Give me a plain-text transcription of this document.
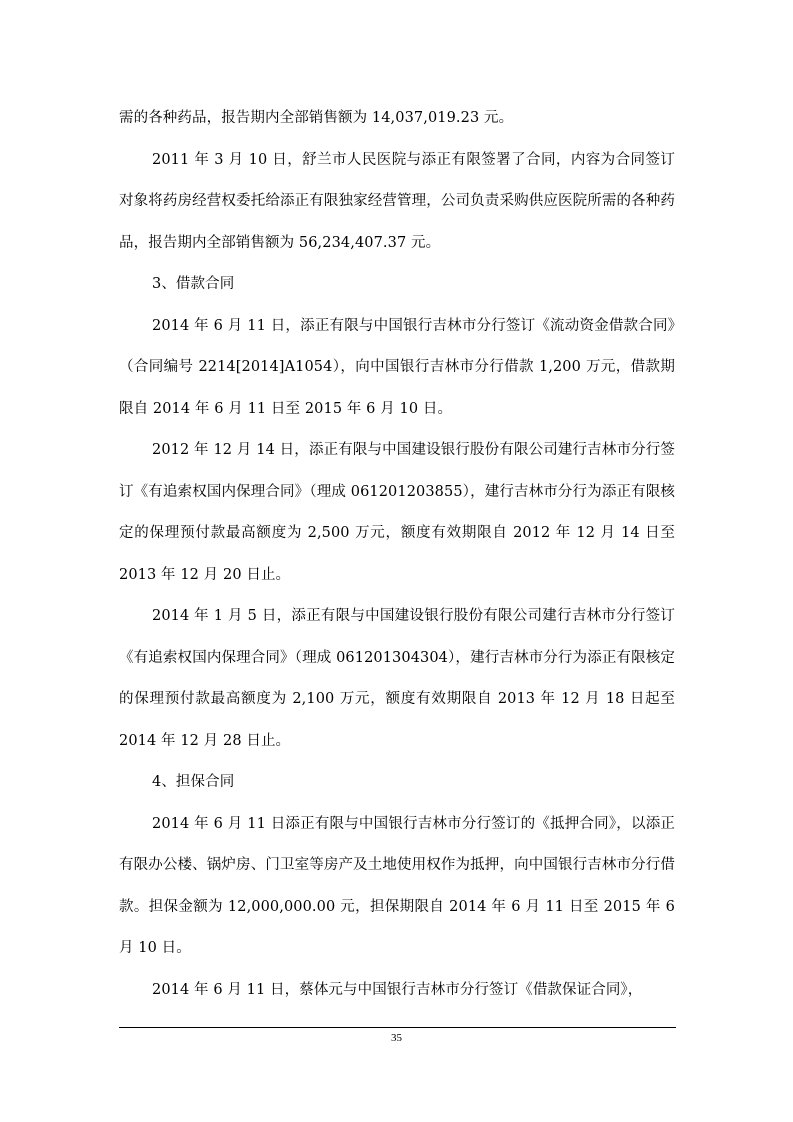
需的各种药品，报告期内全部销售额为 14,037,019.23 元。

2011 年 3 月 10 日，舒兰市人民医院与添正有限签署了合同，内容为合同签订对象将药房经营权委托给添正有限独家经营管理，公司负责采购供应医院所需的各种药品，报告期内全部销售额为 56,234,407.37 元。

3、借款合同

2014 年 6 月 11 日，添正有限与中国银行吉林市分行签订《流动资金借款合同》（合同编号 2214[2014]A1054），向中国银行吉林市分行借款 1,200 万元，借款期限自 2014 年 6 月 11 日至 2015 年 6 月 10 日。

2012 年 12 月 14 日，添正有限与中国建设银行股份有限公司建行吉林市分行签订《有追索权国内保理合同》（理成 061201203855），建行吉林市分行为添正有限核定的保理预付款最高额度为 2,500 万元，额度有效期限自 2012 年 12 月 14 日至 2013 年 12 月 20 日止。

2014 年 1 月 5 日，添正有限与中国建设银行股份有限公司建行吉林市分行签订《有追索权国内保理合同》（理成 061201304304），建行吉林市分行为添正有限核定的保理预付款最高额度为 2,100 万元，额度有效期限自 2013 年 12 月 18 日起至 2014 年 12 月 28 日止。

4、担保合同

2014 年 6 月 11 日添正有限与中国银行吉林市分行签订的《抵押合同》，以添正有限办公楼、锅炉房、门卫室等房产及土地使用权作为抵押，向中国银行吉林市分行借款。担保金额为 12,000,000.00 元，担保期限自 2014 年 6 月 11 日至 2015 年 6 月 10 日。

2014 年 6 月 11 日，蔡体元与中国银行吉林市分行签订《借款保证合同》，

35
